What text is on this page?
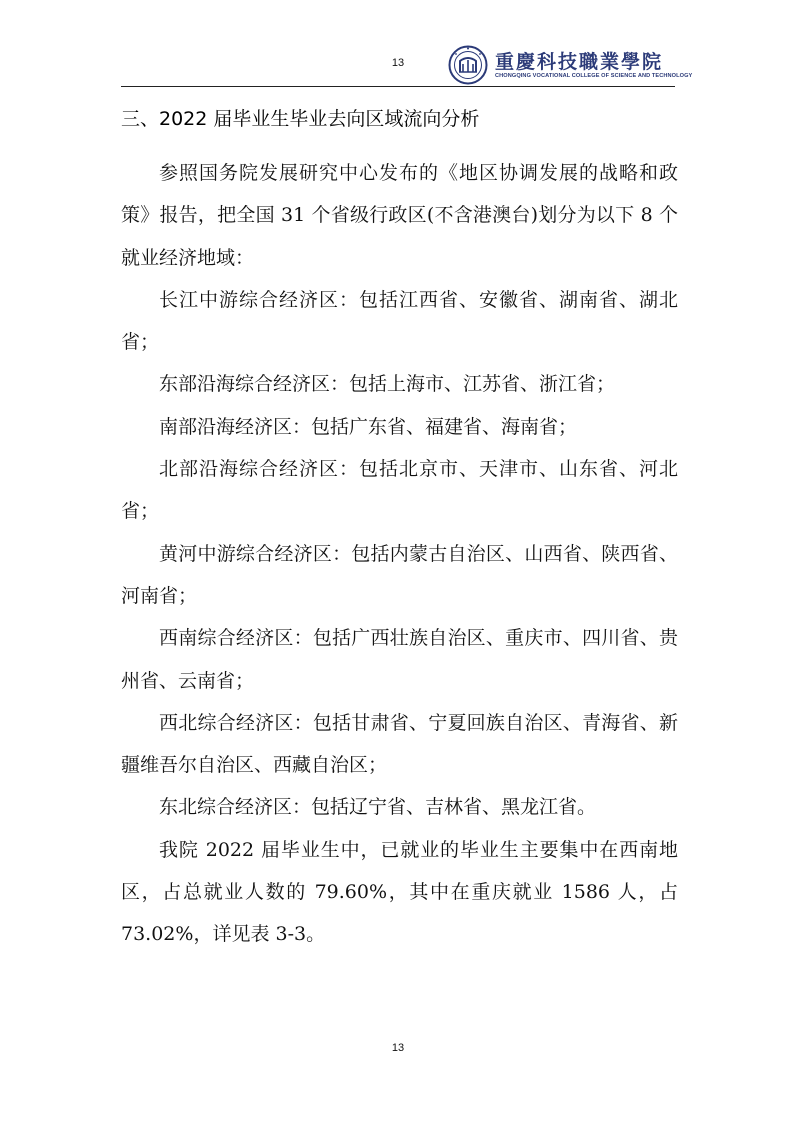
13	重慶科技職業學院
CHONGQING VOCATIONAL COLLEGE OF SCIENCE AND TECHNOLOGY
三、2022 届毕业生毕业去向区域流向分析

参照国务院发展研究中心发布的《地区协调发展的战略和政策》报告，把全国 31 个省级行政区(不含港澳台)划分为以下 8 个就业经济地域：

长江中游综合经济区：包括江西省、安徽省、湖南省、湖北省；

东部沿海综合经济区：包括上海市、江苏省、浙江省；

南部沿海经济区：包括广东省、福建省、海南省；

北部沿海综合经济区：包括北京市、天津市、山东省、河北省；

黄河中游综合经济区：包括内蒙古自治区、山西省、陕西省、河南省；

西南综合经济区：包括广西壮族自治区、重庆市、四川省、贵州省、云南省；

西北综合经济区：包括甘肃省、宁夏回族自治区、青海省、新疆维吾尔自治区、西藏自治区；

东北综合经济区：包括辽宁省、吉林省、黑龙江省。

我院 2022 届毕业生中，已就业的毕业生主要集中在西南地区，占总就业人数的 79.60%，其中在重庆就业 1586 人，占 73.02%，详见表 3-3。

13
